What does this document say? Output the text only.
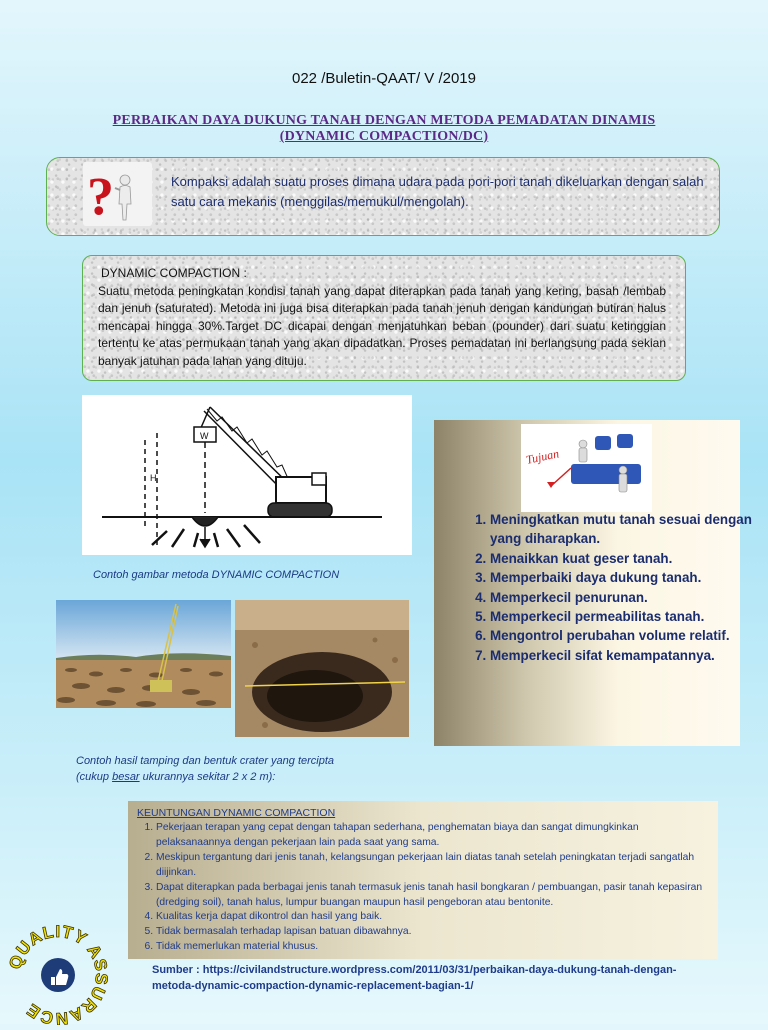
022 /Buletin-QAAT/ V /2019
PERBAIKAN DAYA DUKUNG TANAH DENGAN METODA PEMADATAN DINAMIS
(DYNAMIC COMPACTION/DC)
Kompaksi adalah suatu proses dimana udara pada pori-pori tanah dikeluarkan dengan salah satu cara mekanis (menggilas/memukul/mengolah).
?
DYNAMIC COMPACTION :
Suatu metoda peningkatan kondisi tanah yang dapat diterapkan pada tanah yang kering, basah /lembab dan jenuh (saturated). Metoda ini juga bisa diterapkan pada tanah jenuh dengan kandungan butiran halus mencapai hingga 30%.Target DC dicapai dengan menjatuhkan beban (pounder) dari suatu ketinggian tertentu ke atas permukaan tanah yang akan dipadatkan. Proses pemadatan ini berlangsung pada sekian banyak jatuhan pada lahan yang dituju.
W
H
Contoh gambar metoda DYNAMIC COMPACTION
Contoh hasil tamping dan bentuk crater yang tercipta
(cukup besar ukurannya sekitar 2 x 2 m):
1. Meningkatkan mutu tanah sesuai dengan yang diharapkan.
2. Menaikkan kuat geser tanah.
3. Memperbaiki daya dukung tanah.
4. Memperkecil penurunan.
5. Memperkecil permeabilitas tanah.
6. Mengontrol perubahan volume relatif.
7. Memperkecil sifat kemampatannya.
Tujuan
KEUNTUNGAN DYNAMIC COMPACTION
1. Pekerjaan terapan yang cepat dengan tahapan sederhana, penghematan biaya dan sangat dimungkinkan pelaksanaannya dengan pekerjaan lain pada saat yang sama.
2. Meskipun tergantung dari jenis tanah, kelangsungan pekerjaan lain diatas tanah setelah peningkatan terjadi sangatlah diijinkan.
3. Dapat diterapkan pada berbagai jenis tanah termasuk jenis tanah hasil bongkaran / pembuangan, pasir tanah kepasiran (dredging soil), tanah halus, lumpur buangan maupun hasil pengeboran atau bentonite.
4. Kualitas kerja dapat dikontrol dan hasil yang baik.
5. Tidak bermasalah terhadap lapisan batuan dibawahnya.
6. Tidak memerlukan material khusus.
Sumber : https://civilandstructure.wordpress.com/2011/03/31/perbaikan-daya-dukung-tanah-dengan-metoda-dynamic-compaction-dynamic-replacement-bagian-1/
UALITY A URANCE
